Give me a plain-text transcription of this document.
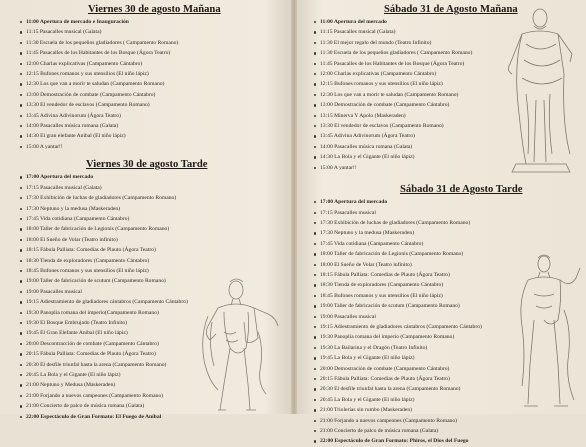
Viernes 30 de agosto Mañana
11:00 Apertura de mercado e Inauguración
11:15 Pasacalles musical (Galata)
11:30 Escuela de los pequeños gladiadores ( Campamento Romano)
11:45 Pasacalles de los Habitantes de los Bosque (Ágora Teatro)
12:00 Charlas explicativas (Campamento Cántabro)
12:15 Bufones romanos y sus utensilios (El niño lápiz)
12:30 Los que van a morir te saludan (Campamento Romano)
13:00 Demostración de combate (Campamento Cántabro)
13:30 El vendedor de esclavos (Campamento Romano)
13:45 Adivina Adivinorum (Ágora Teatro)
14:00 Pasacalles música romana (Galata)
14:30 El gran elefante Aníbal (El niño lápiz)
15:00 A yantar!!
Viernes 30 de agosto Tarde
17:00 Apertura del mercado
17:15 Pasacalles musical (Galata)
17:30 Exhibición de luchas de gladiadores (Campamento Romano)
17:30 Neptuno y la medusa (Maskeraden)
17:45 Vida cotidiana (Campamento Cántabro)
18:00 Taller de fabricación de Legionis (Campamento Romano)
18:00 El Sueño de Volar (Teatro infinito)
18:15 Fábula Palliata: Comedias de Plauto (Ágora Teatro)
18:30 Tienda de exploradores (Campamento Cántabro)
18:45 Bufones romanos y sus utensilios (El niño lápiz)
19:00 Taller de fabricación de scutum (Campamento Romano)
19:00 Pasacalles musical
19:15 Adiestramiento de gladiadores cántabros (Campamento Cántabro)
19:30 Panoplia romana del imperio(Campamento Romano)
19:30 El Bosque Embrujado (Teatro Infinito)
19:45 El Gran Elefante Aníbal (El niño lápiz)
20:00 Descontracción de combate (Campamento Cántabro)
20:15 Fábula Palliata: Comedias de Plauto (Ágora Teatro)
20:30 El desfile triunfal hasta la arena (Campamento Romano)
20:45 La Bola y el Gigante (El niño lápiz)
21:00 Neptuno y Medusa (Maskeraden)
21:00 Forjando a nuevos campeones (Campamento Romano)
21:00 Concierto de palco de música romana (Galata)
22:00 Espectáculo de Gran Formato: El Fuego de Aníbal
Sábado 31 de Agosto Mañana
11:00 Apertura del mercado
11:15 Pasacalles musical (Galata)
11:30 El mejor regalo del mundo (Teatro Infinito)
11:30 Escuela de los pequeños gladiadores ( Campamento Romano)
11:45 Pasacalles de los Habitantes de los Bosque (Ágora Teatro)
12:00 Charlas explicativas (Campamento Cántabro)
12:15 Bufones romanos y sus utensilios (El niño lápiz)
12:30 Los que van a morir te saludan (Campamento Romano)
13:00 Demostración de combate (Campamento Cántabro)
13:15 Minerva Y Apolo (Maskeraden)
13:30 El vendedor de esclavos (Campamento Romano)
13:45 Adivina Adivinorum (Ágora Teatro)
14:00 Pasacalles música romana (Galata)
14:30 La Bola y el Gigante (El niño lápiz)
15:00 A yantar!!
Sábado 31 de Agosto Tarde
17:00 Apertura del mercado
17:15 Pasacalles musical
17:30 Exhibición de luchas de gladiadores (Campamento Romano)
17:30 Neptuno y la medusa (Maskeraden)
17:45 Vida cotidiana (Campamento Cántabro)
18:00 Taller de fabricación de Legionis (Campamento Romano)
18:00 El Sueño de Volar (Teatro infinito)
18:15 Fábula Palliata: Comedias de Plauto (Ágora Teatro)
18:30 Tienda de exploradores (Campamento Cántabro)
18:45 Bufones romanos y sus utensilios (El niño lápiz)
19:00 Taller de fabricación de scutum (Campamento Romano)
19:00 Pasacalles musical
19:15 Adiestramiento de gladiadores cántabros (Campamento Cántabro)
19:30 Panoplia romana del imperio (Campamento Romano)
19:30 La Bailarina y el Dragón (Teatro Infinito)
19:45 La Bola y el Gigante (El niño lápiz)
20:00 Demostración de combate (Campamento Cántabro)
20:15 Fábula Palliata: Comedias de Plauto (Ágora Teatro)
20:30 El desfile triunfal hasta la arena (Campamento Romano)
20:45 La Bola y el Gigante (El niño lápiz)
21:00 Triolerías sin rumbo (Maskeraden)
21:00 Forjando a nuevos campeones (Campamento Romano)
21:00 Concierto de palco de música romana (Galata)
22:00 Espectáculo de Gran Formato: Phiros, el Dios del Fuego
